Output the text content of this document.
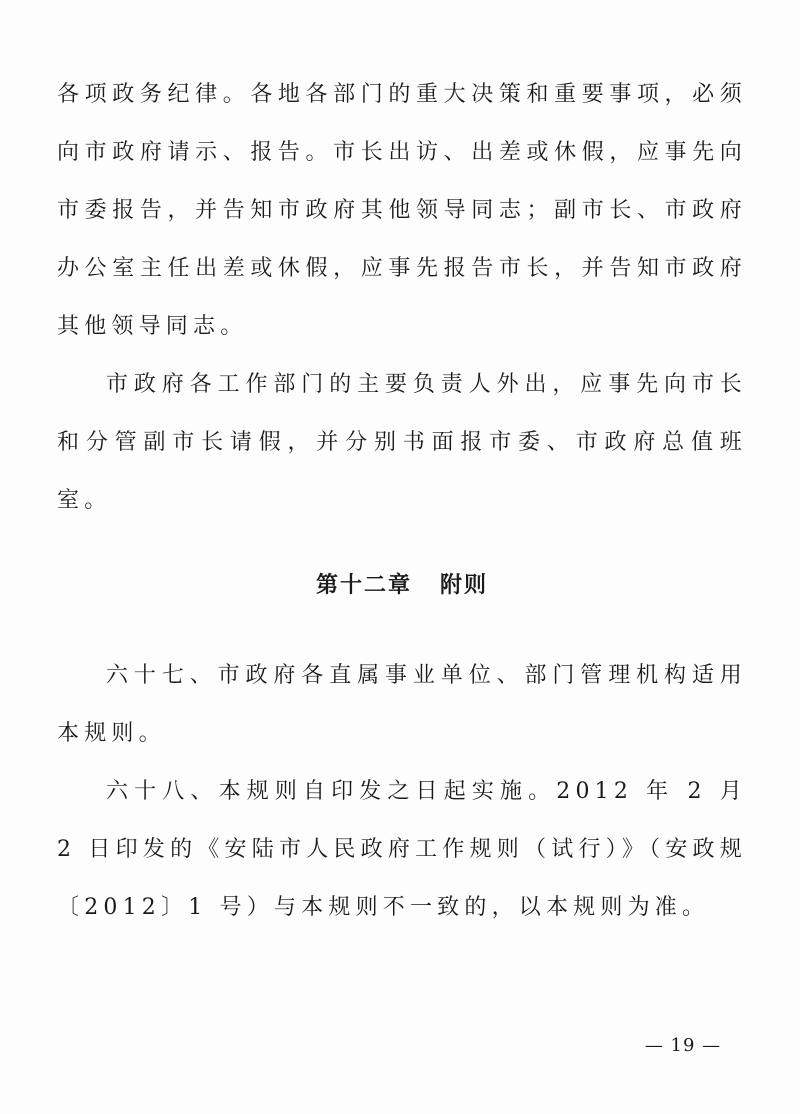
各项政务纪律。各地各部门的重大决策和重要事项，必须向市政府请示、报告。市长出访、出差或休假，应事先向市委报告，并告知市政府其他领导同志；副市长、市政府办公室主任出差或休假，应事先报告市长，并告知市政府其他领导同志。

市政府各工作部门的主要负责人外出，应事先向市长和分管副市长请假，并分别书面报市委、市政府总值班室。

第十二章 附则

六十七、市政府各直属事业单位、部门管理机构适用本规则。

六十八、本规则自印发之日起实施。2012 年 2 月 2 日印发的《安陆市人民政府工作规则（试行）》（安政规〔2012〕1 号）与本规则不一致的，以本规则为准。

— 19 —
